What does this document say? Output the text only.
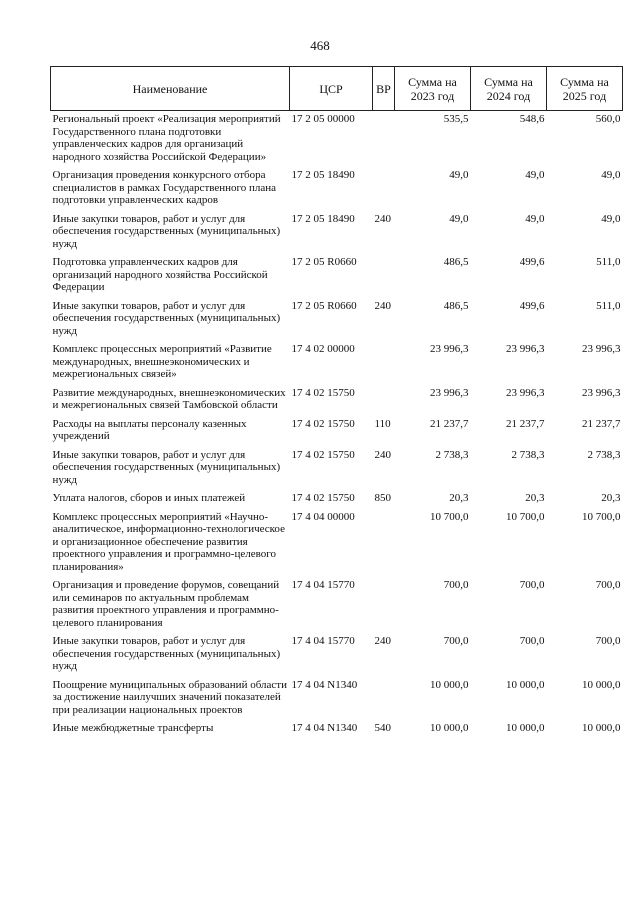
468
Наименование	ЦСР	ВР	Сумма на 2023 год	Сумма на 2024 год	Сумма на 2025 год
Региональный проект «Реализация мероприятий Государственного плана подготовки управленческих кадров для организаций народного хозяйства Российской Федерации»	17 2 05 00000		535,5	548,6	560,0
Организация проведения конкурсного отбора специалистов в рамках Государственного плана подготовки управленческих кадров	17 2 05 18490		49,0	49,0	49,0
Иные закупки товаров, работ и услуг для обеспечения государственных (муниципальных) нужд	17 2 05 18490	240	49,0	49,0	49,0
Подготовка управленческих кадров для организаций народного хозяйства Российской Федерации	17 2 05 R0660		486,5	499,6	511,0
Иные закупки товаров, работ и услуг для обеспечения государственных (муниципальных) нужд	17 2 05 R0660	240	486,5	499,6	511,0
Комплекс процессных мероприятий «Развитие международных, внешнеэкономических и межрегиональных связей»	17 4 02 00000		23 996,3	23 996,3	23 996,3
Развитие международных, внешнеэкономических и межрегиональных связей Тамбовской области	17 4 02 15750		23 996,3	23 996,3	23 996,3
Расходы на выплаты персоналу казенных учреждений	17 4 02 15750	110	21 237,7	21 237,7	21 237,7
Иные закупки товаров, работ и услуг для обеспечения государственных (муниципальных) нужд	17 4 02 15750	240	2 738,3	2 738,3	2 738,3
Уплата налогов, сборов и иных платежей	17 4 02 15750	850	20,3	20,3	20,3
Комплекс процессных мероприятий «Научно-аналитическое, информационно-технологическое и организационное обеспечение развития проектного управления и программно-целевого планирования»	17 4 04 00000		10 700,0	10 700,0	10 700,0
Организация и проведение форумов, совещаний или семинаров по актуальным проблемам развития проектного управления и программно-целевого планирования	17 4 04 15770		700,0	700,0	700,0
Иные закупки товаров, работ и услуг для обеспечения государственных (муниципальных) нужд	17 4 04 15770	240	700,0	700,0	700,0
Поощрение муниципальных образований области за достижение наилучших значений показателей при реализации национальных проектов	17 4 04 N1340		10 000,0	10 000,0	10 000,0
Иные межбюджетные трансферты	17 4 04 N1340	540	10 000,0	10 000,0	10 000,0
